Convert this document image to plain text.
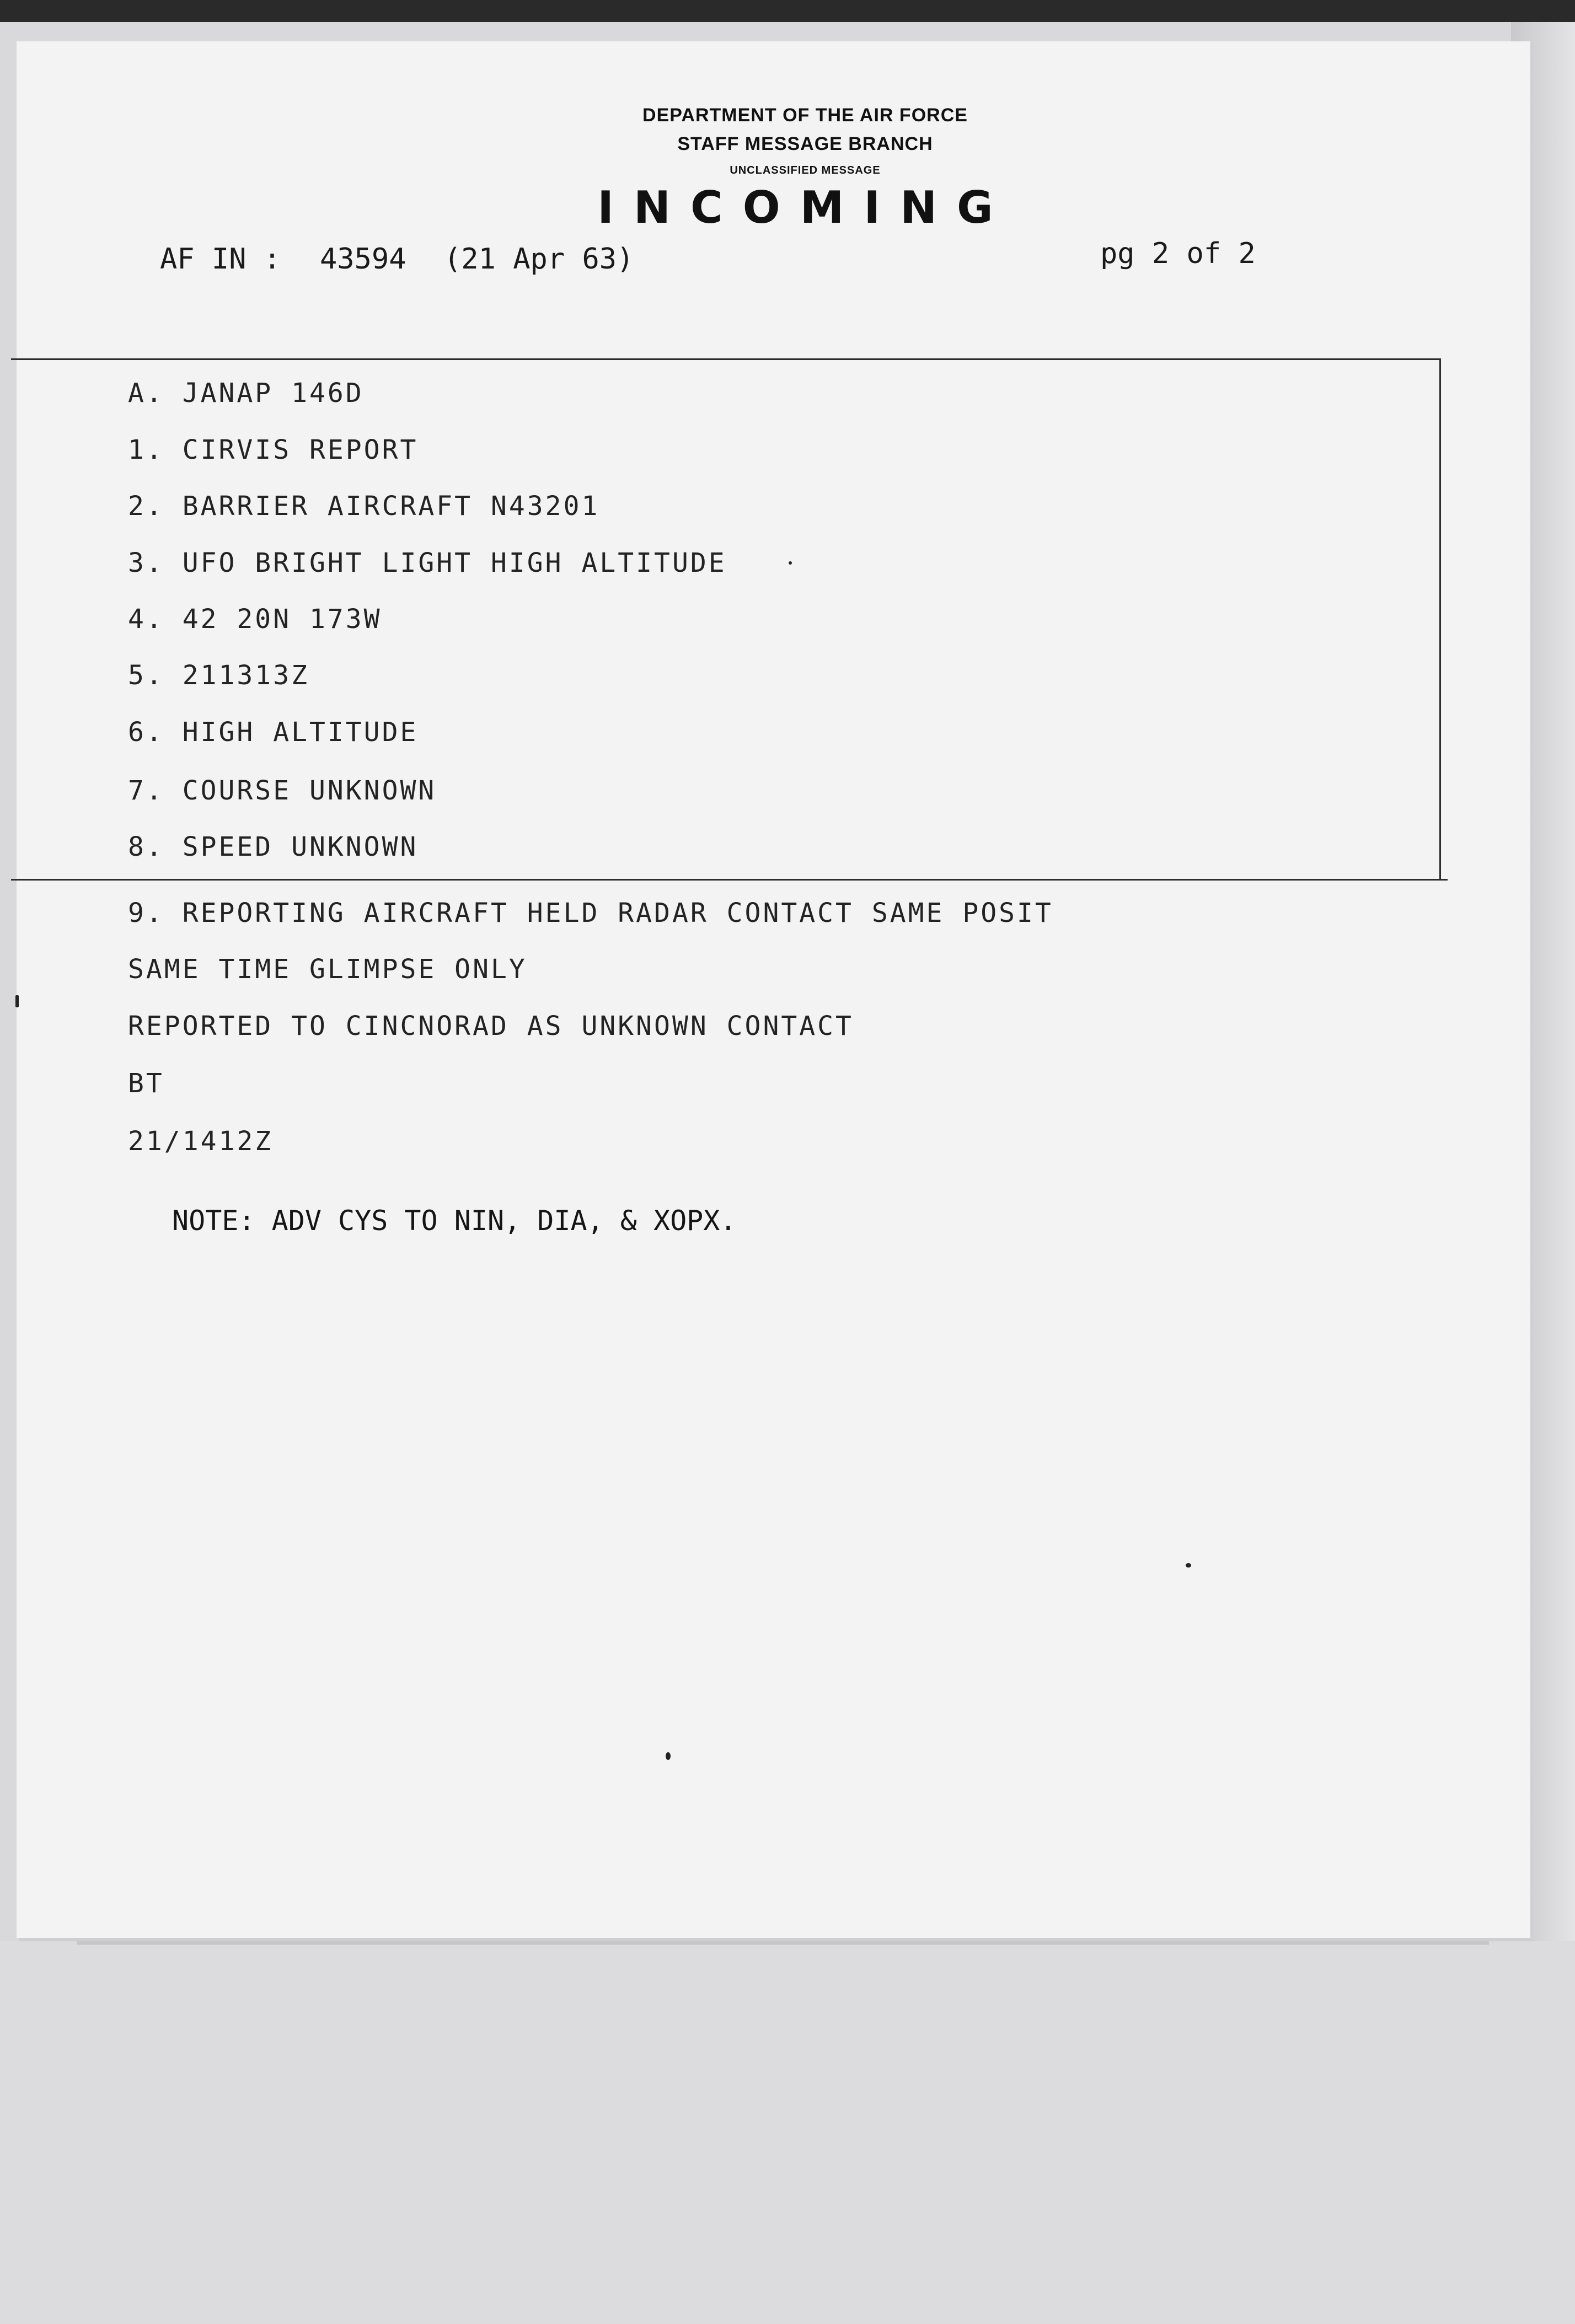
DEPARTMENT OF THE AIR FORCE
STAFF MESSAGE BRANCH
UNCLASSIFIED MESSAGE
INCOMING
AF IN : 43594 (21 Apr 63)	pg 2 of 2
A. JANAP 146D
1. CIRVIS REPORT
2. BARRIER AIRCRAFT N43201
3. UFO BRIGHT LIGHT HIGH ALTITUDE
4. 42 20N 173W
5. 211313Z
6. HIGH ALTITUDE
7. COURSE UNKNOWN
8. SPEED UNKNOWN
9. REPORTING AIRCRAFT HELD RADAR CONTACT SAME POSIT
SAME TIME GLIMPSE ONLY
REPORTED TO CINCNORAD AS UNKNOWN CONTACT
BT
21/1412Z
NOTE: ADV CYS TO NIN, DIA, & XOPX.
